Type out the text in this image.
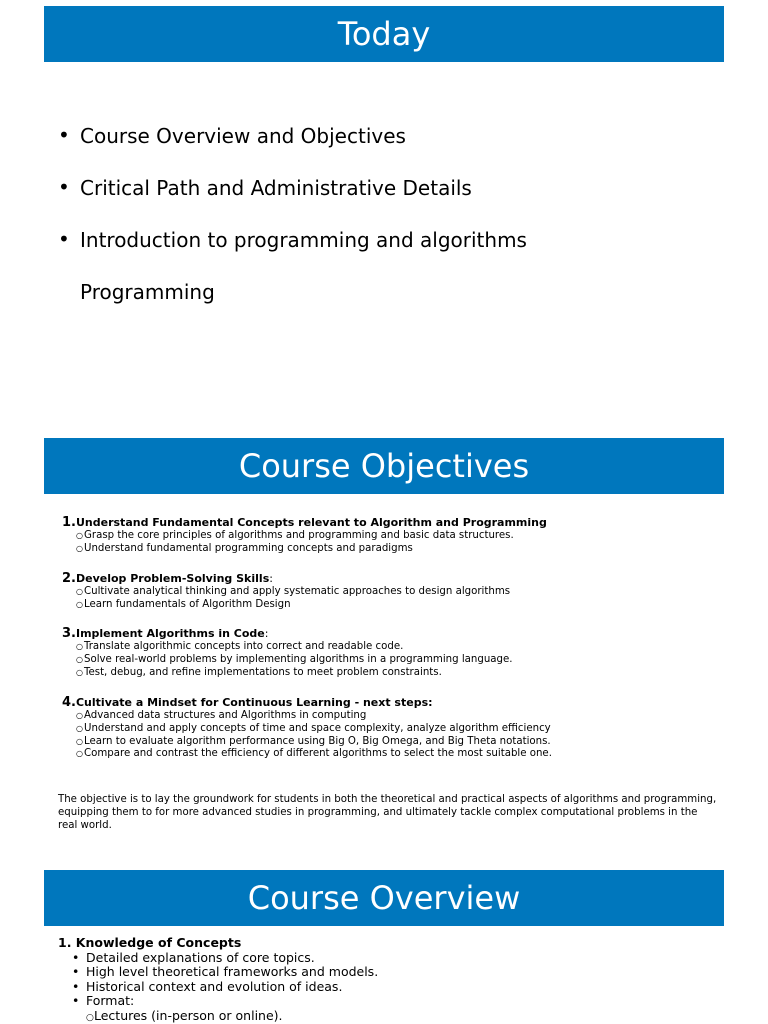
Today
• Course Overview and Objectives
• Critical Path and Administrative Details
• Introduction to programming and algorithms
Programming
Course Objectives
1.Understand Fundamental Concepts relevant to Algorithm and Programming
○Grasp the core principles of algorithms and programming and basic data structures.
○Understand fundamental programming concepts and paradigms
2.Develop Problem-Solving Skills:
○Cultivate analytical thinking and apply systematic approaches to design algorithms
○Learn fundamentals of Algorithm Design
3.Implement Algorithms in Code:
○Translate algorithmic concepts into correct and readable code.
○Solve real-world problems by implementing algorithms in a programming language.
○Test, debug, and refine implementations to meet problem constraints.
4.Cultivate a Mindset for Continuous Learning - next steps:
○Advanced data structures and Algorithms in computing
○Understand and apply concepts of time and space complexity, analyze algorithm efficiency
○Learn to evaluate algorithm performance using Big O, Big Omega, and Big Theta notations.
○Compare and contrast the efficiency of different algorithms to select the most suitable one.

The objective is to lay the groundwork for students in both the theoretical and practical aspects of algorithms and programming, equipping them to for more advanced studies in programming, and ultimately tackle complex computational problems in the real world.

Course Overview
1. Knowledge of Concepts
• Detailed explanations of core topics.
• High level theoretical frameworks and models.
• Historical context and evolution of ideas.
• Format:
○Lectures (in-person or online).
